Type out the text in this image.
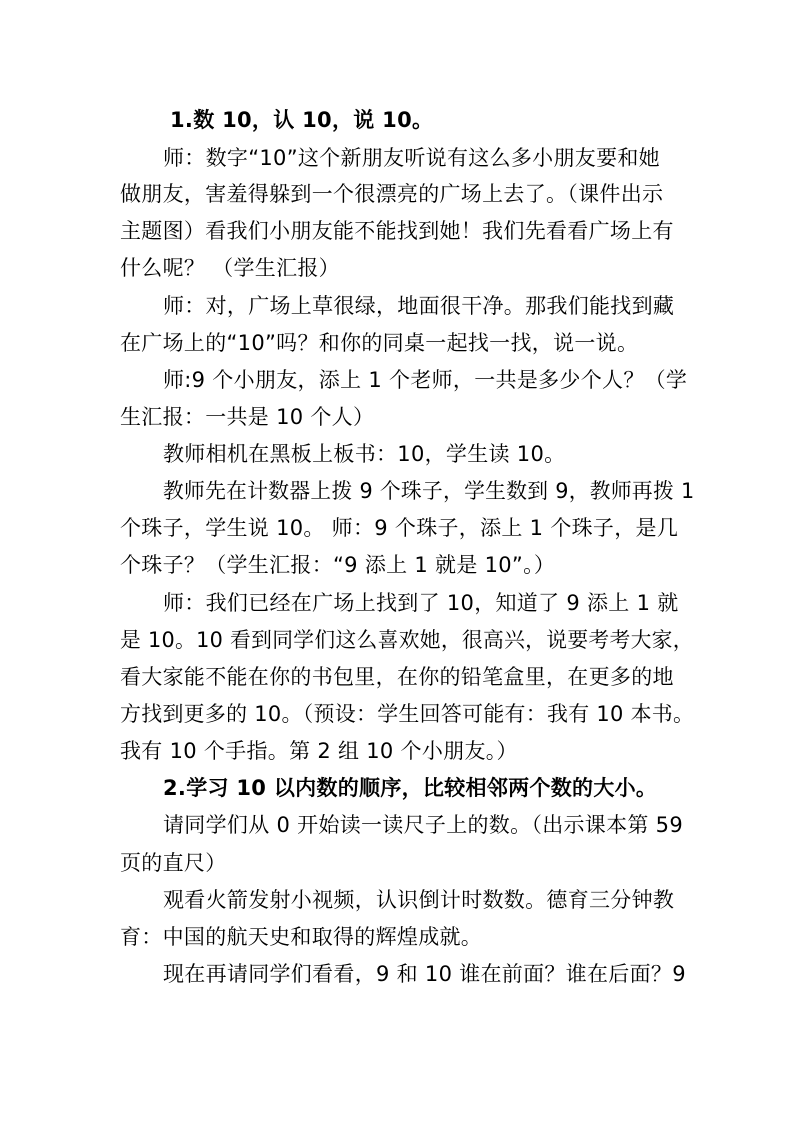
1.数 10，认 10，说 10。
师：数字“10”这个新朋友听说有这么多小朋友要和她
做朋友，害羞得躲到一个很漂亮的广场上去了。（课件出示
主题图）看我们小朋友能不能找到她！我们先看看广场上有
什么呢？ （学生汇报）
师：对，广场上草很绿，地面很干净。那我们能找到藏
在广场上的“10”吗？和你的同桌一起找一找，说一说。
师:9 个小朋友，添上 1 个老师，一共是多少个人？（学
生汇报：一共是 10 个人）
教师相机在黑板上板书：10，学生读 10。
教师先在计数器上拨 9 个珠子，学生数到 9，教师再拨 1
个珠子，学生说 10。 师：9 个珠子，添上 1 个珠子，是几
个珠子？（学生汇报：“9 添上 1 就是 10”。）
师：我们已经在广场上找到了 10，知道了 9 添上 1 就
是 10。10 看到同学们这么喜欢她，很高兴，说要考考大家，
看大家能不能在你的书包里，在你的铅笔盒里，在更多的地
方找到更多的 10。（预设：学生回答可能有：我有 10 本书。
我有 10 个手指。第 2 组 10 个小朋友。）
2.学习 10 以内数的顺序，比较相邻两个数的大小。
请同学们从 0 开始读一读尺子上的数。（出示课本第 59
页的直尺）
观看火箭发射小视频，认识倒计时数数。德育三分钟教
育：中国的航天史和取得的辉煌成就。
现在再请同学们看看，9 和 10 谁在前面？谁在后面？9
